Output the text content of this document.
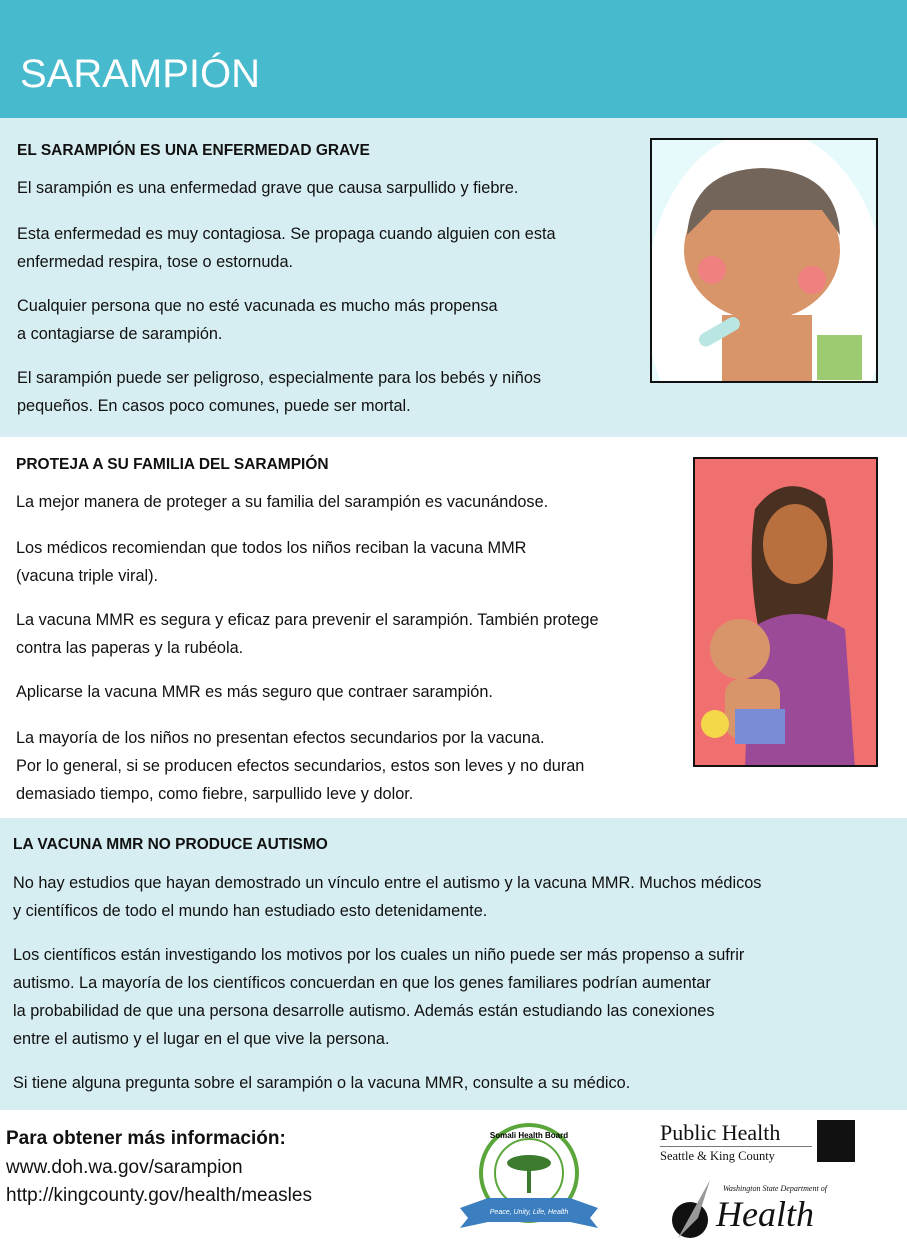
SARAMPIÓN
EL SARAMPIÓN ES UNA ENFERMEDAD GRAVE

El sarampión es una enfermedad grave que causa sarpullido y fiebre.

Esta enfermedad es muy contagiosa. Se propaga cuando alguien con esta
enfermedad respira, tose o estornuda.

Cualquier persona que no esté vacunada es mucho más propensa
a contagiarse de sarampión.

El sarampión puede ser peligroso, especialmente para los bebés y niños
pequeños. En casos poco comunes, puede ser mortal.

PROTEJA A SU FAMILIA DEL SARAMPIÓN

La mejor manera de proteger a su familia del sarampión es vacunándose.

Los médicos recomiendan que todos los niños reciban la vacuna MMR
(vacuna triple viral).

La vacuna MMR es segura y eficaz para prevenir el sarampión. También protege
contra las paperas y la rubéola.

Aplicarse la vacuna MMR es más seguro que contraer sarampión.

La mayoría de los niños no presentan efectos secundarios por la vacuna.
Por lo general, si se producen efectos secundarios, estos son leves y no duran
demasiado tiempo, como fiebre, sarpullido leve y dolor.

LA VACUNA MMR NO PRODUCE AUTISMO

No hay estudios que hayan demostrado un vínculo entre el autismo y la vacuna MMR. Muchos médicos
y científicos de todo el mundo han estudiado esto detenidamente.

Los científicos están investigando los motivos por los cuales un niño puede ser más propenso a sufrir
autismo. La mayoría de los científicos concuerdan en que los genes familiares podrían aumentar
la probabilidad de que una persona desarrolle autismo. Además están estudiando las conexiones
entre el autismo y el lugar en el que vive la persona.

Si tiene alguna pregunta sobre el sarampión o la vacuna MMR, consulte a su médico.

Para obtener más información:
www.doh.wa.gov/sarampion
http://kingcounty.gov/health/measles
Peace, Unity, Life, Health
Somali Health Board	Public Health
Seattle & King County
Washington State Department of
Health
